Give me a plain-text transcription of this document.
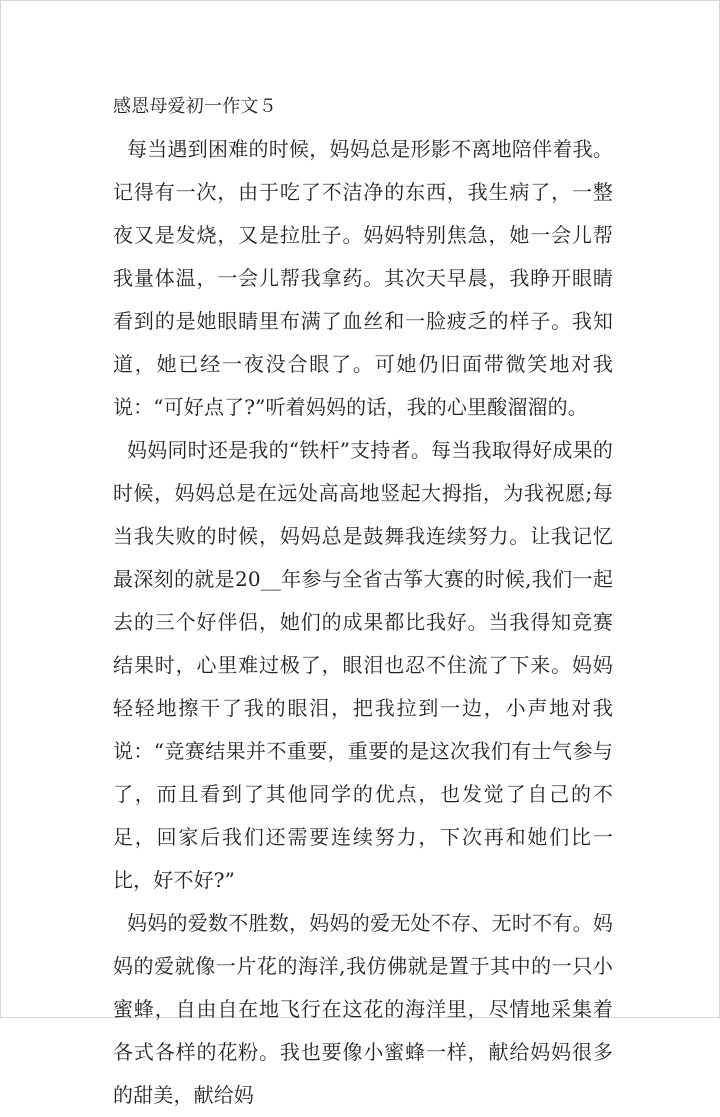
感恩母爱初一作文５

每当遇到困难的时候，妈妈总是形影不离地陪伴着我。记得有一次，由于吃了不洁净的东西，我生病了，一整夜又是发烧，又是拉肚子。妈妈特别焦急，她一会儿帮我量体温，一会儿帮我拿药。其次天早晨，我睁开眼睛看到的是她眼睛里布满了血丝和一脸疲乏的样子。我知道，她已经一夜没合眼了。可她仍旧面带微笑地对我说：“可好点了?”听着妈妈的话，我的心里酸溜溜的。

妈妈同时还是我的“铁杆”支持者。每当我取得好成果的时候，妈妈总是在远处高高地竖起大拇指，为我祝愿;每当我失败的时候，妈妈总是鼓舞我连续努力。让我记忆最深刻的就是20__年参与全省古筝大赛的时候,我们一起去的三个好伴侣，她们的成果都比我好。当我得知竞赛结果时，心里难过极了，眼泪也忍不住流了下来。妈妈轻轻地擦干了我的眼泪，把我拉到一边，小声地对我说：“竞赛结果并不重要，重要的是这次我们有士气参与了，而且看到了其他同学的优点，也发觉了自己的不足，回家后我们还需要连续努力，下次再和她们比一比，好不好?”

妈妈的爱数不胜数，妈妈的爱无处不存、无时不有。妈妈的爱就像一片花的海洋,我仿佛就是置于其中的一只小蜜蜂，自由自在地飞行在这花的海洋里，尽情地采集着各式各样的花粉。我也要像小蜜蜂一样，献给妈妈很多的甜美，献给妈
